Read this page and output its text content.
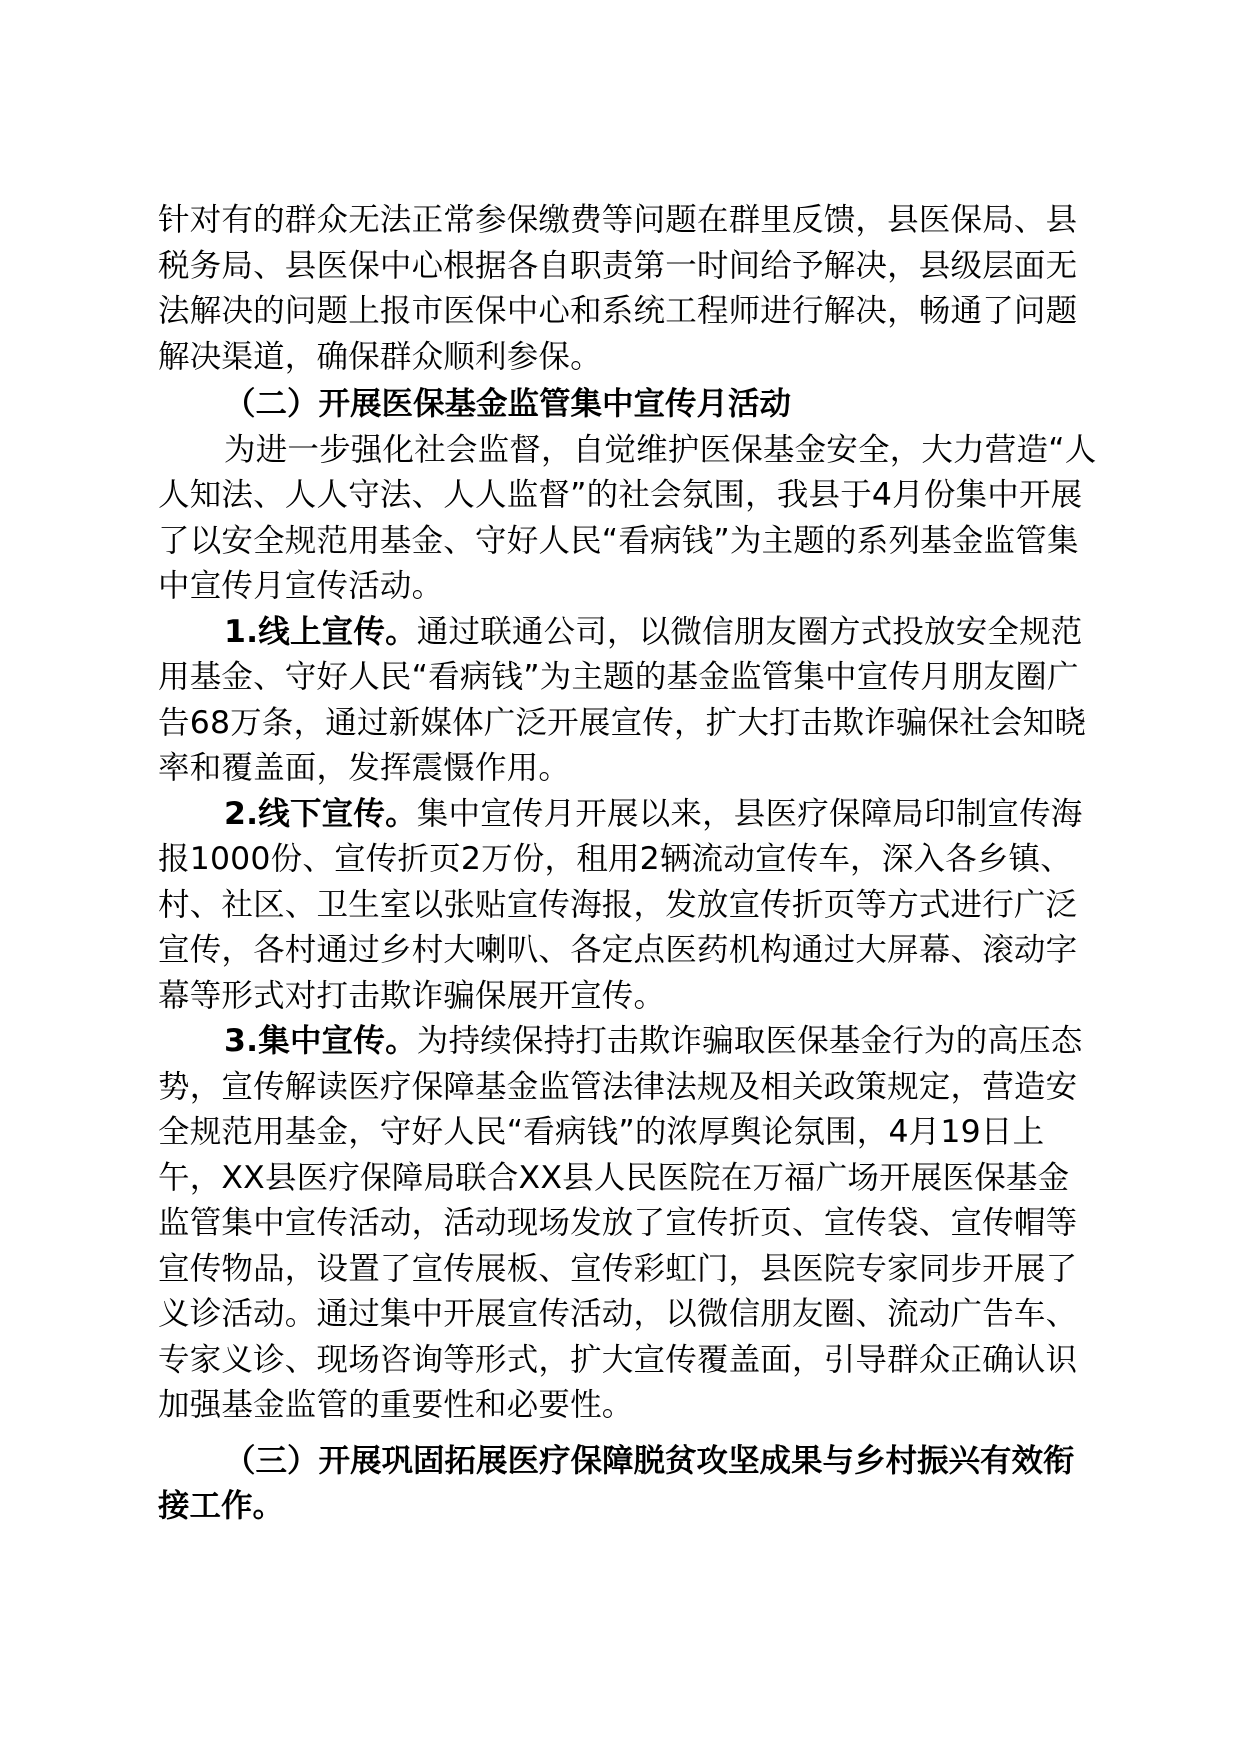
针对有的群众无法正常参保缴费等问题在群里反馈，县医保局、县税务局、县医保中心根据各自职责第一时间给予解决，县级层面无法解决的问题上报市医保中心和系统工程师进行解决，畅通了问题解决渠道，确保群众顺利参保。

（二）开展医保基金监管集中宣传月活动

为进一步强化社会监督，自觉维护医保基金安全，大力营造“人人知法、人人守法、人人监督”的社会氛围，我县于4月份集中开展了以安全规范用基金、守好人民“看病钱”为主题的系列基金监管集中宣传月宣传活动。

1.线上宣传。通过联通公司，以微信朋友圈方式投放安全规范用基金、守好人民“看病钱”为主题的基金监管集中宣传月朋友圈广告68万条，通过新媒体广泛开展宣传，扩大打击欺诈骗保社会知晓率和覆盖面，发挥震慑作用。

2.线下宣传。集中宣传月开展以来，县医疗保障局印制宣传海报1000份、宣传折页2万份，租用2辆流动宣传车，深入各乡镇、村、社区、卫生室以张贴宣传海报，发放宣传折页等方式进行广泛宣传，各村通过乡村大喇叭、各定点医药机构通过大屏幕、滚动字幕等形式对打击欺诈骗保展开宣传。

3.集中宣传。为持续保持打击欺诈骗取医保基金行为的高压态势，宣传解读医疗保障基金监管法律法规及相关政策规定，营造安全规范用基金，守好人民“看病钱”的浓厚舆论氛围，4月19日上午，XX县医疗保障局联合XX县人民医院在万福广场开展医保基金监管集中宣传活动，活动现场发放了宣传折页、宣传袋、宣传帽等宣传物品，设置了宣传展板、宣传彩虹门，县医院专家同步开展了义诊活动。通过集中开展宣传活动，以微信朋友圈、流动广告车、专家义诊、现场咨询等形式，扩大宣传覆盖面，引导群众正确认识加强基金监管的重要性和必要性。

（三）开展巩固拓展医疗保障脱贫攻坚成果与乡村振兴有效衔接工作。
